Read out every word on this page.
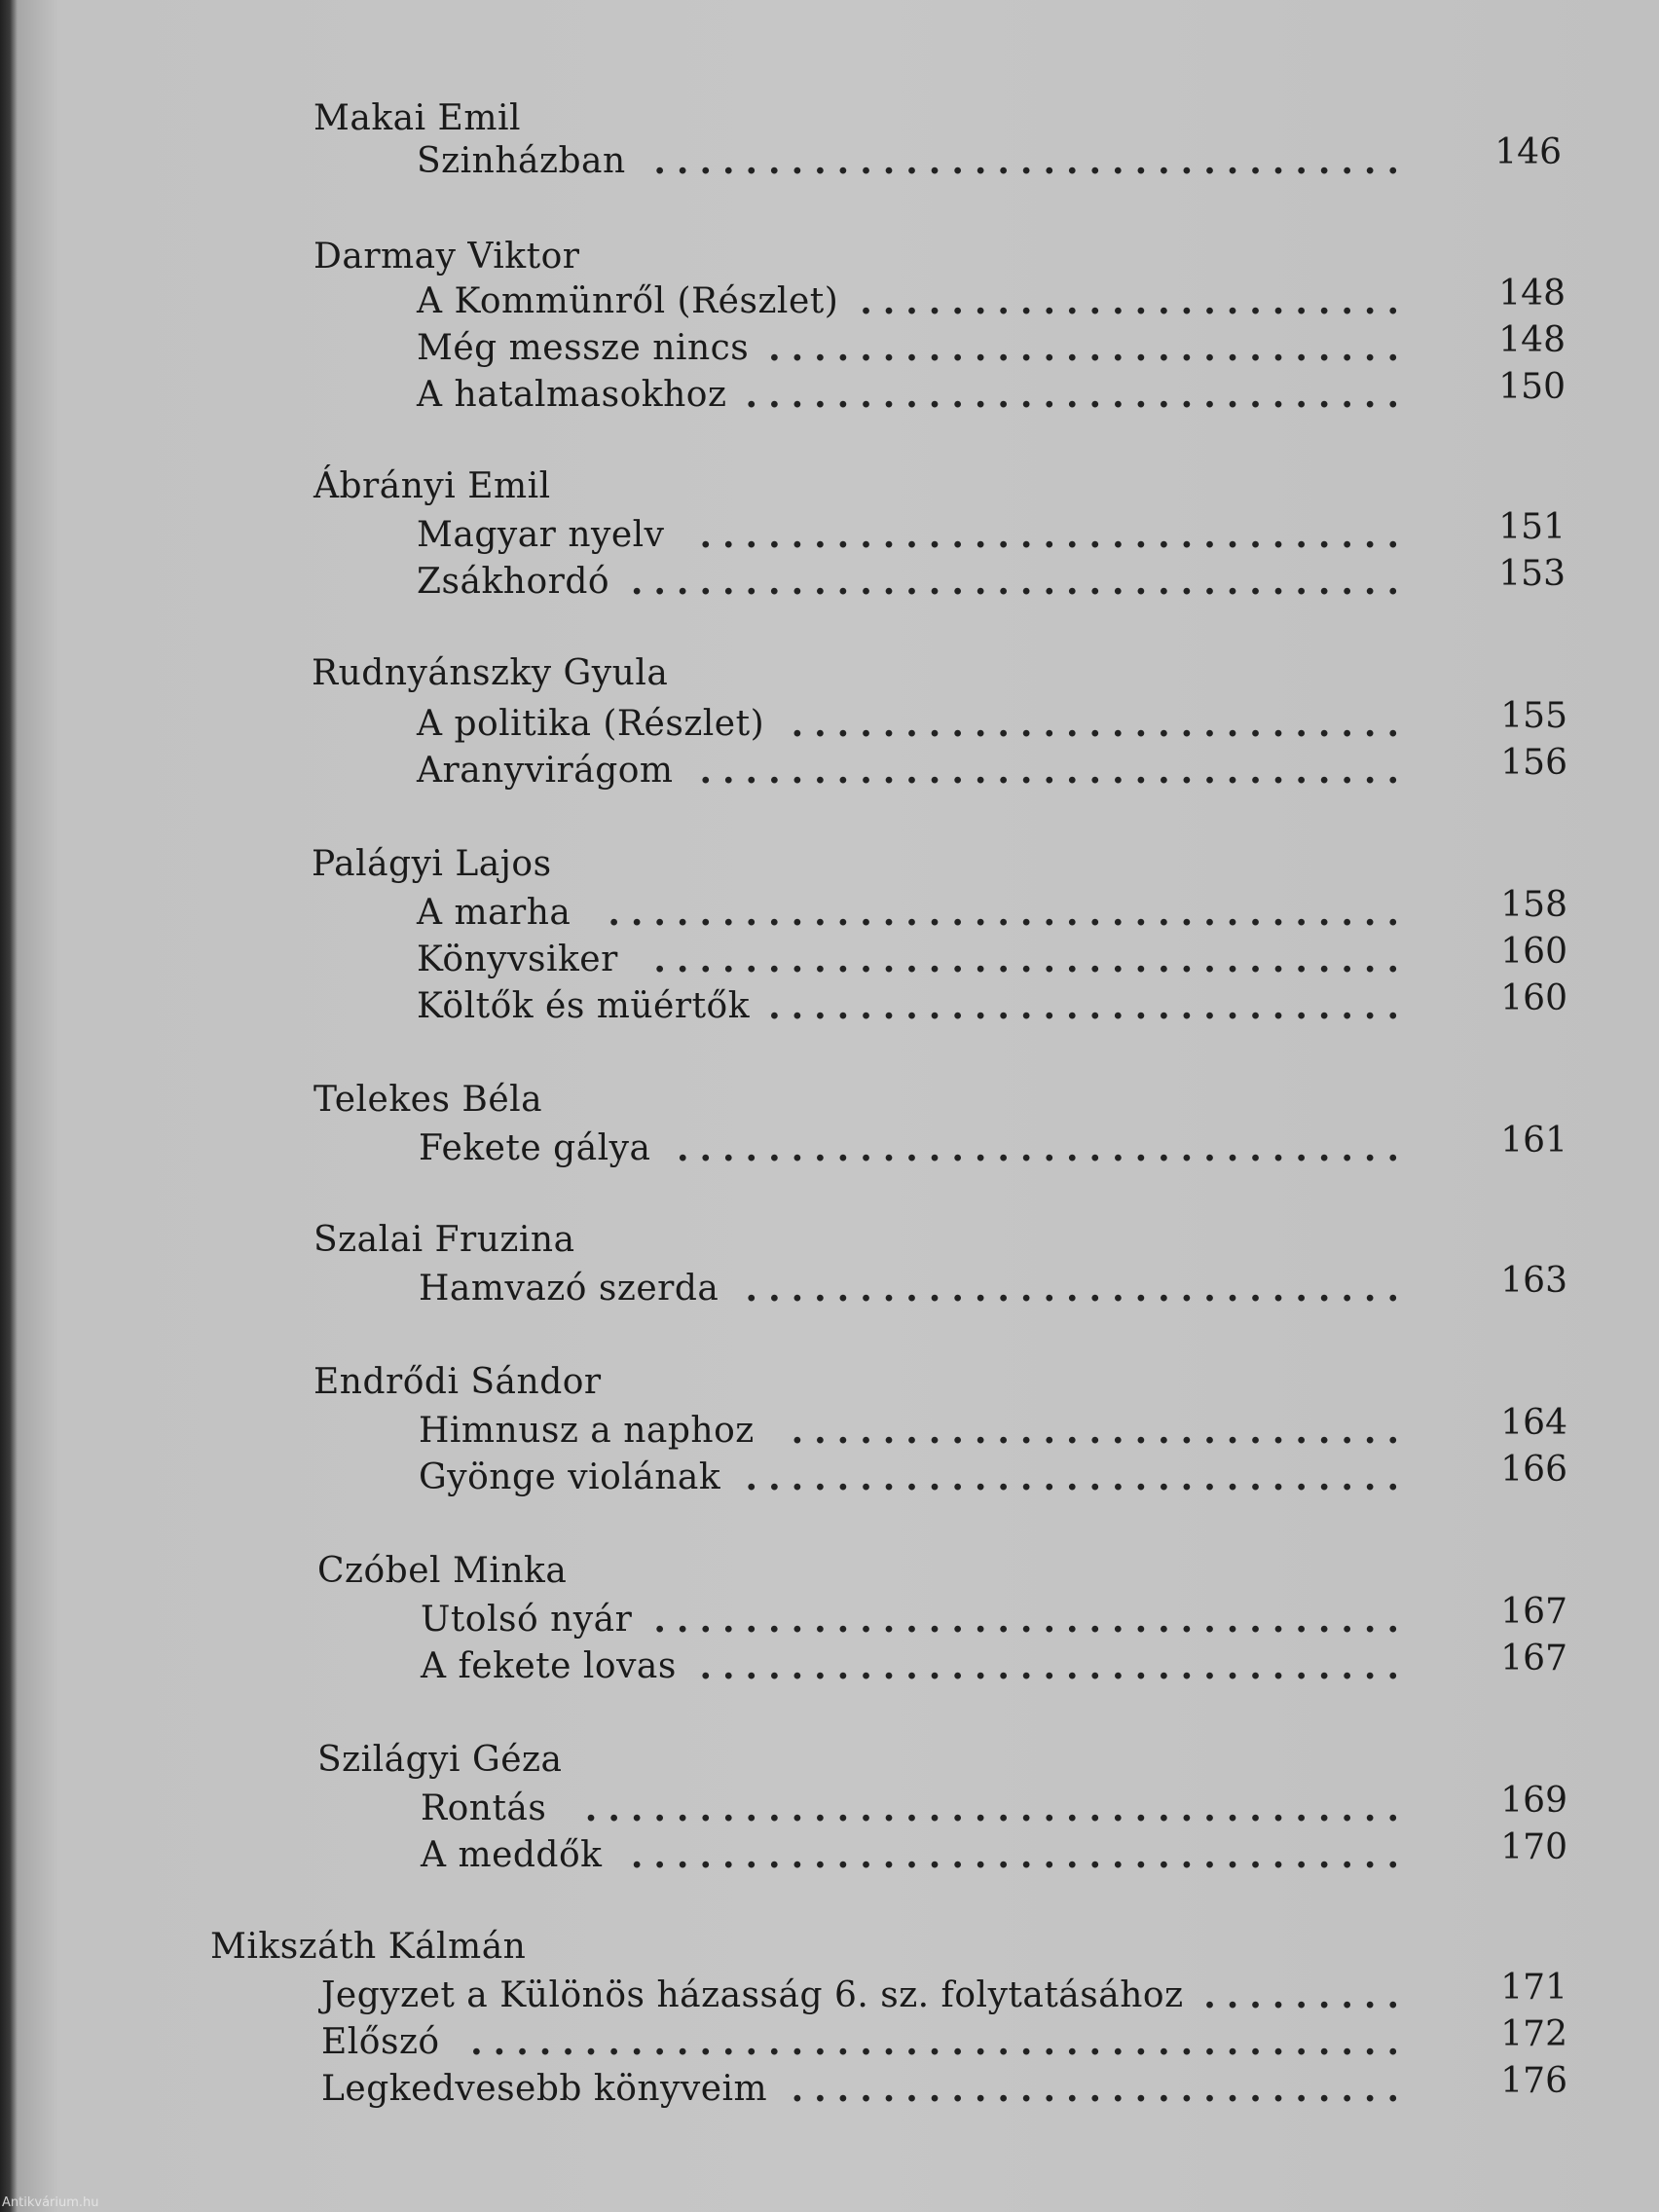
Makai Emil
Szinházban .................................	146
Darmay Viktor
A Kommünről (Részlet) ........................	148
Még messze nincs ............................	148
A hatalmasokhoz .............................	150
Ábrányi Emil
Magyar nyelv ...............................	151
Zsákhordó ..................................	153
Rudnyánszky Gyula
A politika (Részlet) ...........................	155
Aranyvirágom ...............................	156
Palágyi Lajos
A marha ...................................	158
Könyvsiker .................................	160
Költők és müértők ............................	160
Telekes Béla
Fekete gálya ................................	161
Szalai Fruzina
Hamvazó szerda .............................	163
Endrődi Sándor
Himnusz a naphoz ...........................	164
Gyönge violának .............................	166
Czóbel Minka
Utolsó nyár .................................	167
A fekete lovas ...............................	167
Szilágyi Géza
Rontás ....................................	169
A meddők ..................................	170
Mikszáth Kálmán
Jegyzet a Különös házasság 6. sz. folytatásához .........	171
Előszó .........................................	172
Legkedvesebb könyveim ...........................	176
Antikvárium.hu
